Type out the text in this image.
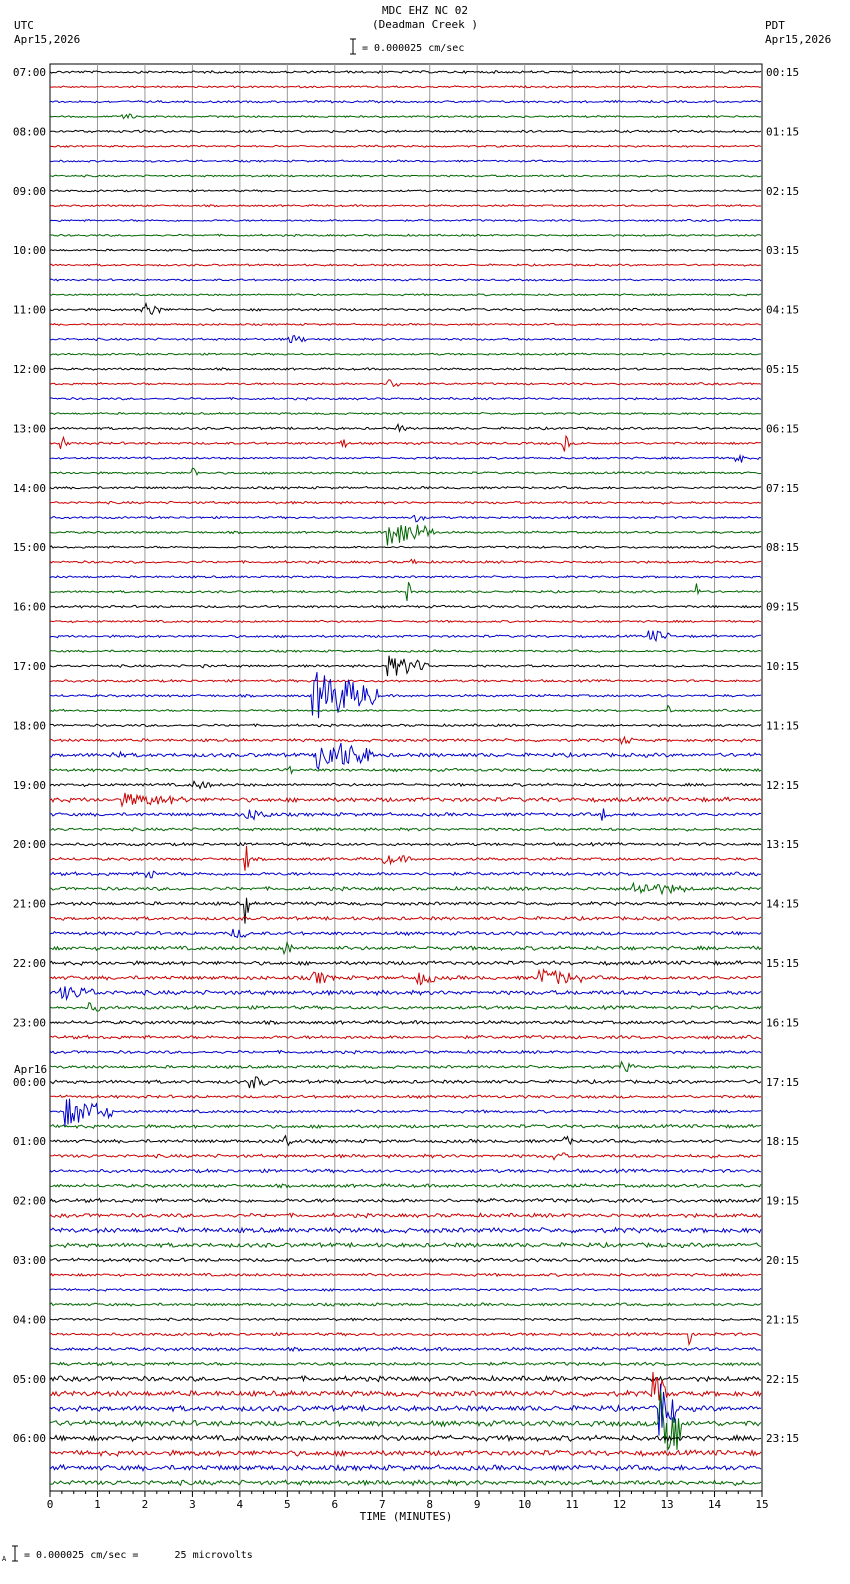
0	1	2	3	4	5	6	7	8	9	10	11	12	13	14	15
TIME (MINUTES)
07:00
08:00
09:00
10:00
11:00
12:00
13:00
14:00
15:00
16:00
17:00
18:00
19:00
20:00
21:00
22:00
23:00
00:00
Apr16
01:00
02:00
03:00
04:00
05:00
06:00
00:15
01:15
02:15
03:15
04:15
05:15
06:15
07:15
08:15
09:15
10:15
11:15
12:15
13:15
14:15
15:15
16:15
17:15
18:15
19:15
20:15
21:15
22:15
23:15
MDC EHZ NC 02
(Deadman Creek )
UTC
Apr15,2026
PDT
Apr15,2026
= 0.000025 cm/sec
A = 0.000025 cm/sec =      25 microvolts
